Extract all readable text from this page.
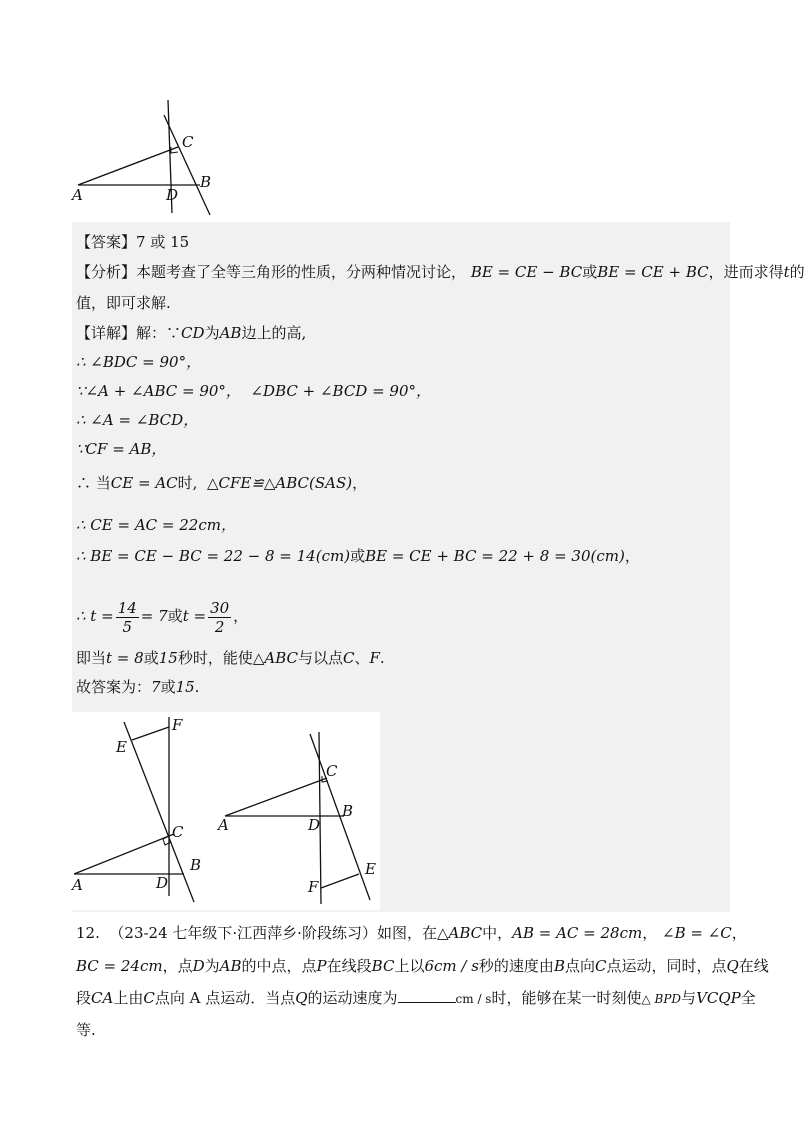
C
A	D
B
【答案】7 或 15
【分析】本题考查了全等三角形的性质，分两种情况讨论， BE = CE − BC或BE = CE + BC，进而求得t的
值，即可求解.
【详解】解：∵CD为AB边上的高,
∴ ∠BDC = 90°，
∵∠A + ∠ABC = 90°， ∠DBC + ∠BCD = 90°，
∴ ∠A = ∠BCD，
∵CF = AB，
∴ 当CE = AC时, △CFE≌△ABC(SAS)，
∴ CE = AC = 22cm，
∴ BE = CE − BC = 22 − 8 = 14(cm)或BE = CE + BC = 22 + 8 = 30(cm)，
∴ $t = \frac{14}{5} = 7$或$t = \frac{30}{2}$ ，
即当t = 8或15秒时，能使△ABC与以点C、F.
故答案为：7或15.
F
E
C
B
A	D
C
B
A	D
E
F
12. （23-24 七年级下·江西萍乡·阶段练习）如图，在△ABC中，AB = AC = 28cm， ∠B = ∠C，
BC = 24cm，点D为AB的中点，点P在线段BC上以6cm / s秒的速度由B点向C点运动，同时，点Q在线
段CA上由C点向 A 点运动．当点Q的运动速度为	cm / s时，能够在某一时刻使△ BPD与VCQP全
等.
